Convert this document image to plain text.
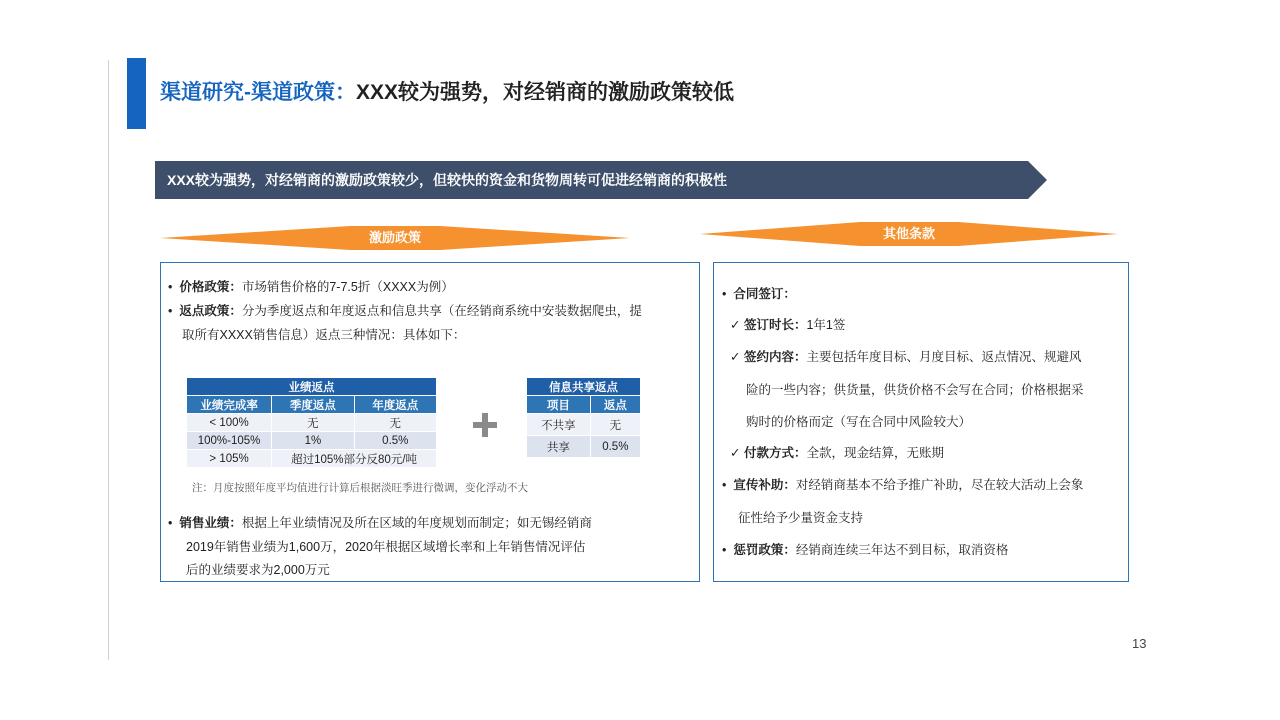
渠道研究-渠道政策：XXX较为强势，对经销商的激励政策较低
XXX较为强势，对经销商的激励政策较少，但较快的资金和货物周转可促进经销商的积极性
激励政策	其他条款
• 价格政策：市场销售价格的7-7.5折（XXXX为例）
• 返点政策：分为季度返点和年度返点和信息共享（在经销商系统中安装数据爬虫，提
取所有XXXX销售信息）返点三种情况：具体如下：
业绩返点		
业绩完成率	季度返点	年度返点
< 100%	无	无
100%-105%	1%	0.5%
> 105%	超过105%部分反80元/吨	
信息共享返点	
项目	返点
不共享	无
共享	0.5%
注：月度按照年度平均值进行计算后根据淡旺季进行微调，变化浮动不大
• 销售业绩：根据上年业绩情况及所在区域的年度规划而制定；如无锡经销商
2019年销售业绩为1,600万，2020年根据区域增长率和上年销售情况评估
后的业绩要求为2,000万元
• 合同签订：
✓ 签订时长：1年1签
✓ 签约内容：主要包括年度目标、月度目标、返点情况、规避风
险的一些内容；供货量，供货价格不会写在合同；价格根据采
购时的价格而定（写在合同中风险较大）
✓ 付款方式：全款，现金结算，无账期
• 宣传补助：对经销商基本不给予推广补助，尽在较大活动上会象
征性给予少量资金支持
• 惩罚政策：经销商连续三年达不到目标，取消资格
13
